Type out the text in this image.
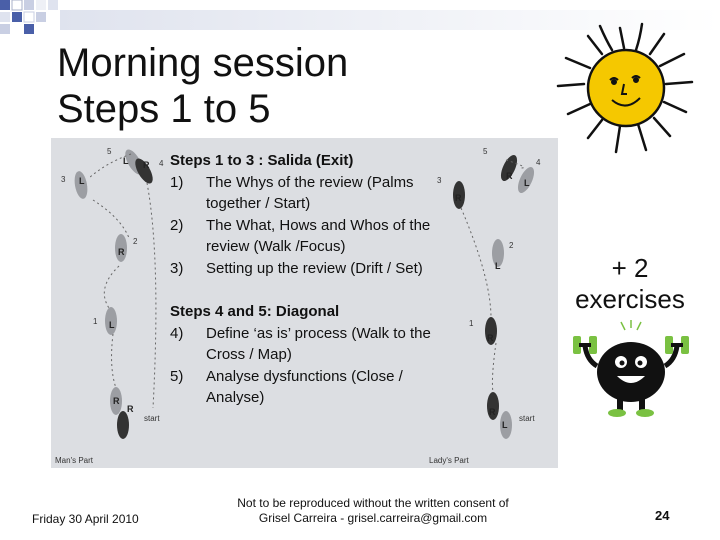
Morning session
Steps 1 to 5
L R
L
R
L
R
R
R
R
L
L
R
R
L
5
4
3
2
1
5
4
3
2
1
start	start
Man's Part	Lady's Part
Steps 1 to 3 : Salida (Exit)
1)	The Whys of the review (Palms together / Start)
2)	The What, Hows and Whos of the review (Walk /Focus)
3)	Setting up the review (Drift / Set)
Steps 4 and 5: Diagonal
4)	Define ‘as is’ process (Walk to the Cross / Map)
5)	Analyse dysfunctions (Close / Analyse)
+ 2
exercises
Friday 30 April 2010
Not to be reproduced without the written consent of
Grisel Carreira - grisel.carreira@gmail.com	24
